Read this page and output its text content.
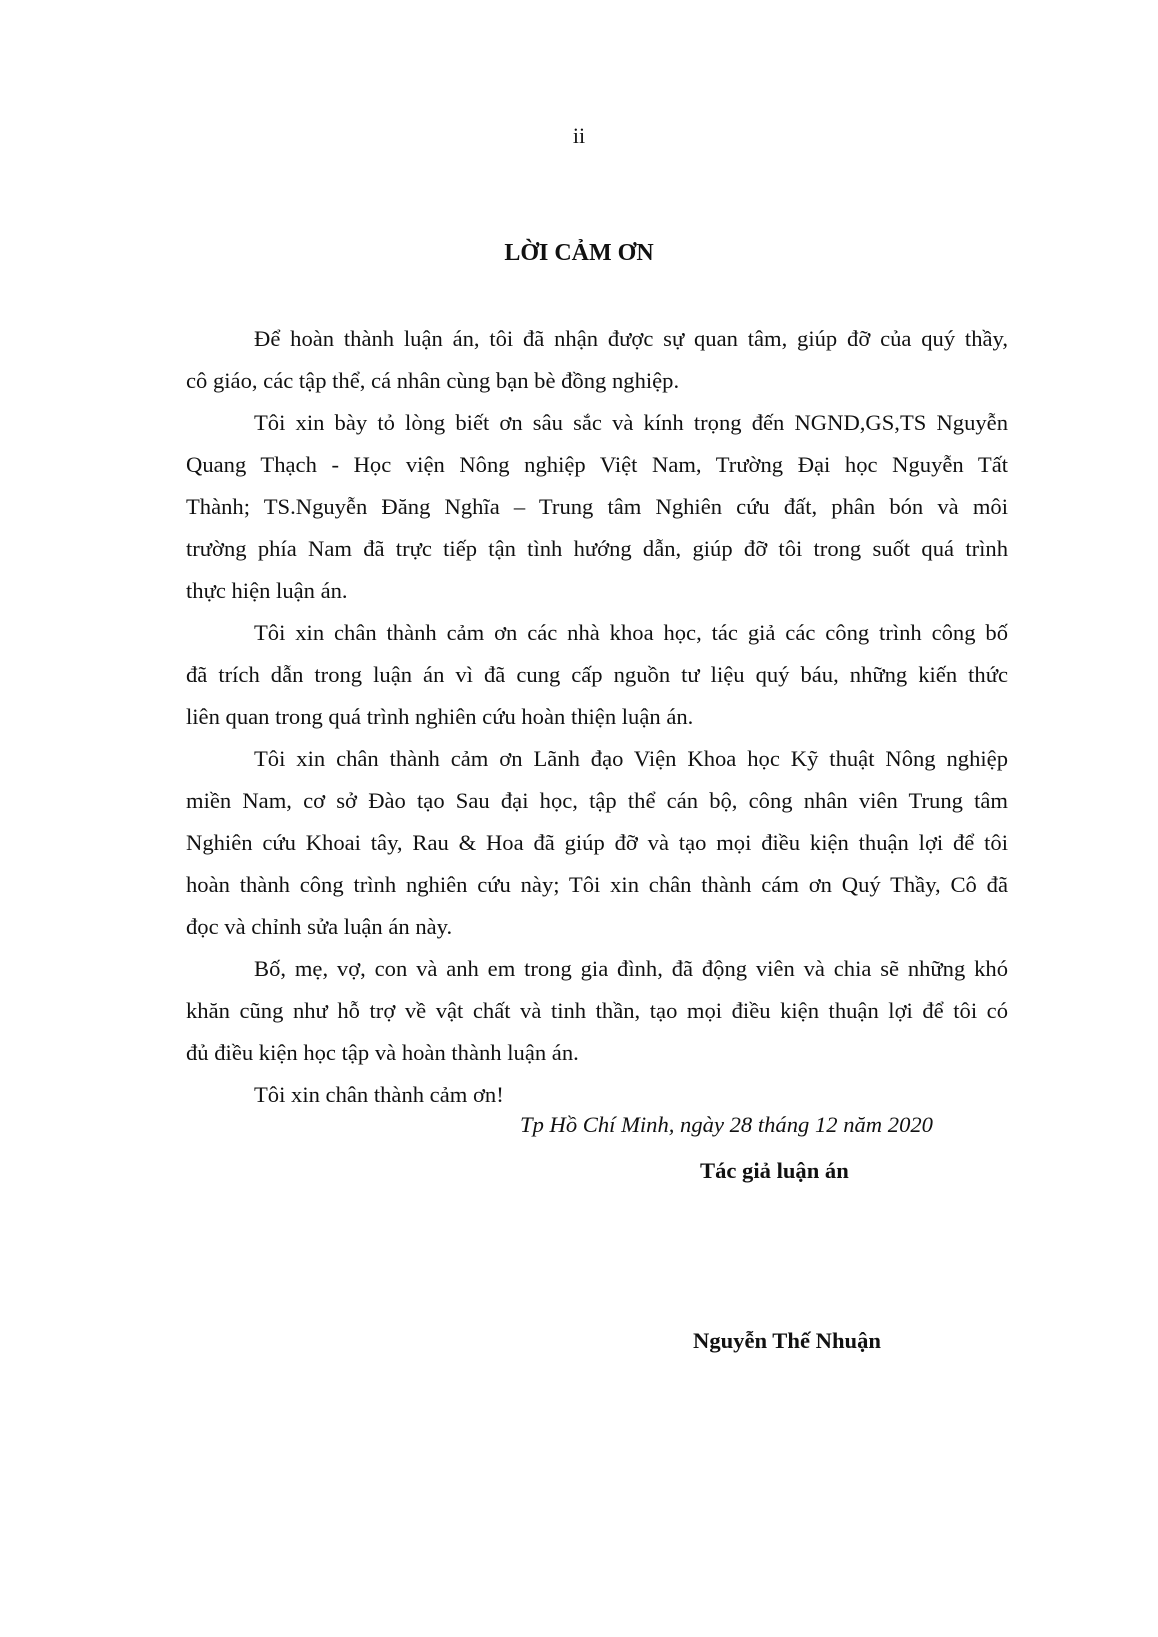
ii
LỜI CẢM ƠN
Để hoàn thành luận án, tôi đã nhận được sự quan tâm, giúp đỡ của quý thầy,
cô giáo, các tập thể, cá nhân cùng bạn bè đồng nghiệp.
Tôi xin bày tỏ lòng biết ơn sâu sắc và kính trọng đến NGND,GS,TS Nguyễn
Quang Thạch - Học viện Nông nghiệp Việt Nam, Trường Đại học Nguyễn Tất
Thành; TS.Nguyễn Đăng Nghĩa – Trung tâm Nghiên cứu đất, phân bón và môi
trường phía Nam đã trực tiếp tận tình hướng dẫn, giúp đỡ tôi trong suốt quá trình
thực hiện luận án.
Tôi xin chân thành cảm ơn các nhà khoa học, tác giả các công trình công bố
đã trích dẫn trong luận án vì đã cung cấp nguồn tư liệu quý báu, những kiến thức
liên quan trong quá trình nghiên cứu hoàn thiện luận án.
Tôi xin chân thành cảm ơn Lãnh đạo Viện Khoa học Kỹ thuật Nông nghiệp
miền Nam, cơ sở Đào tạo Sau đại học, tập thể cán bộ, công nhân viên Trung tâm
Nghiên cứu Khoai tây, Rau & Hoa đã giúp đỡ và tạo mọi điều kiện thuận lợi để tôi
hoàn thành công trình nghiên cứu này; Tôi xin chân thành cám ơn Quý Thầy, Cô đã
đọc và chỉnh sửa luận án này.
Bố, mẹ, vợ, con và anh em trong gia đình, đã động viên và chia sẽ những khó
khăn cũng như hỗ trợ về vật chất và tinh thần, tạo mọi điều kiện thuận lợi để tôi có
đủ điều kiện học tập và hoàn thành luận án.
Tôi xin chân thành cảm ơn!
Tp Hồ Chí Minh, ngày 28 tháng 12 năm 2020
Tác giả luận án
Nguyễn Thế Nhuận
